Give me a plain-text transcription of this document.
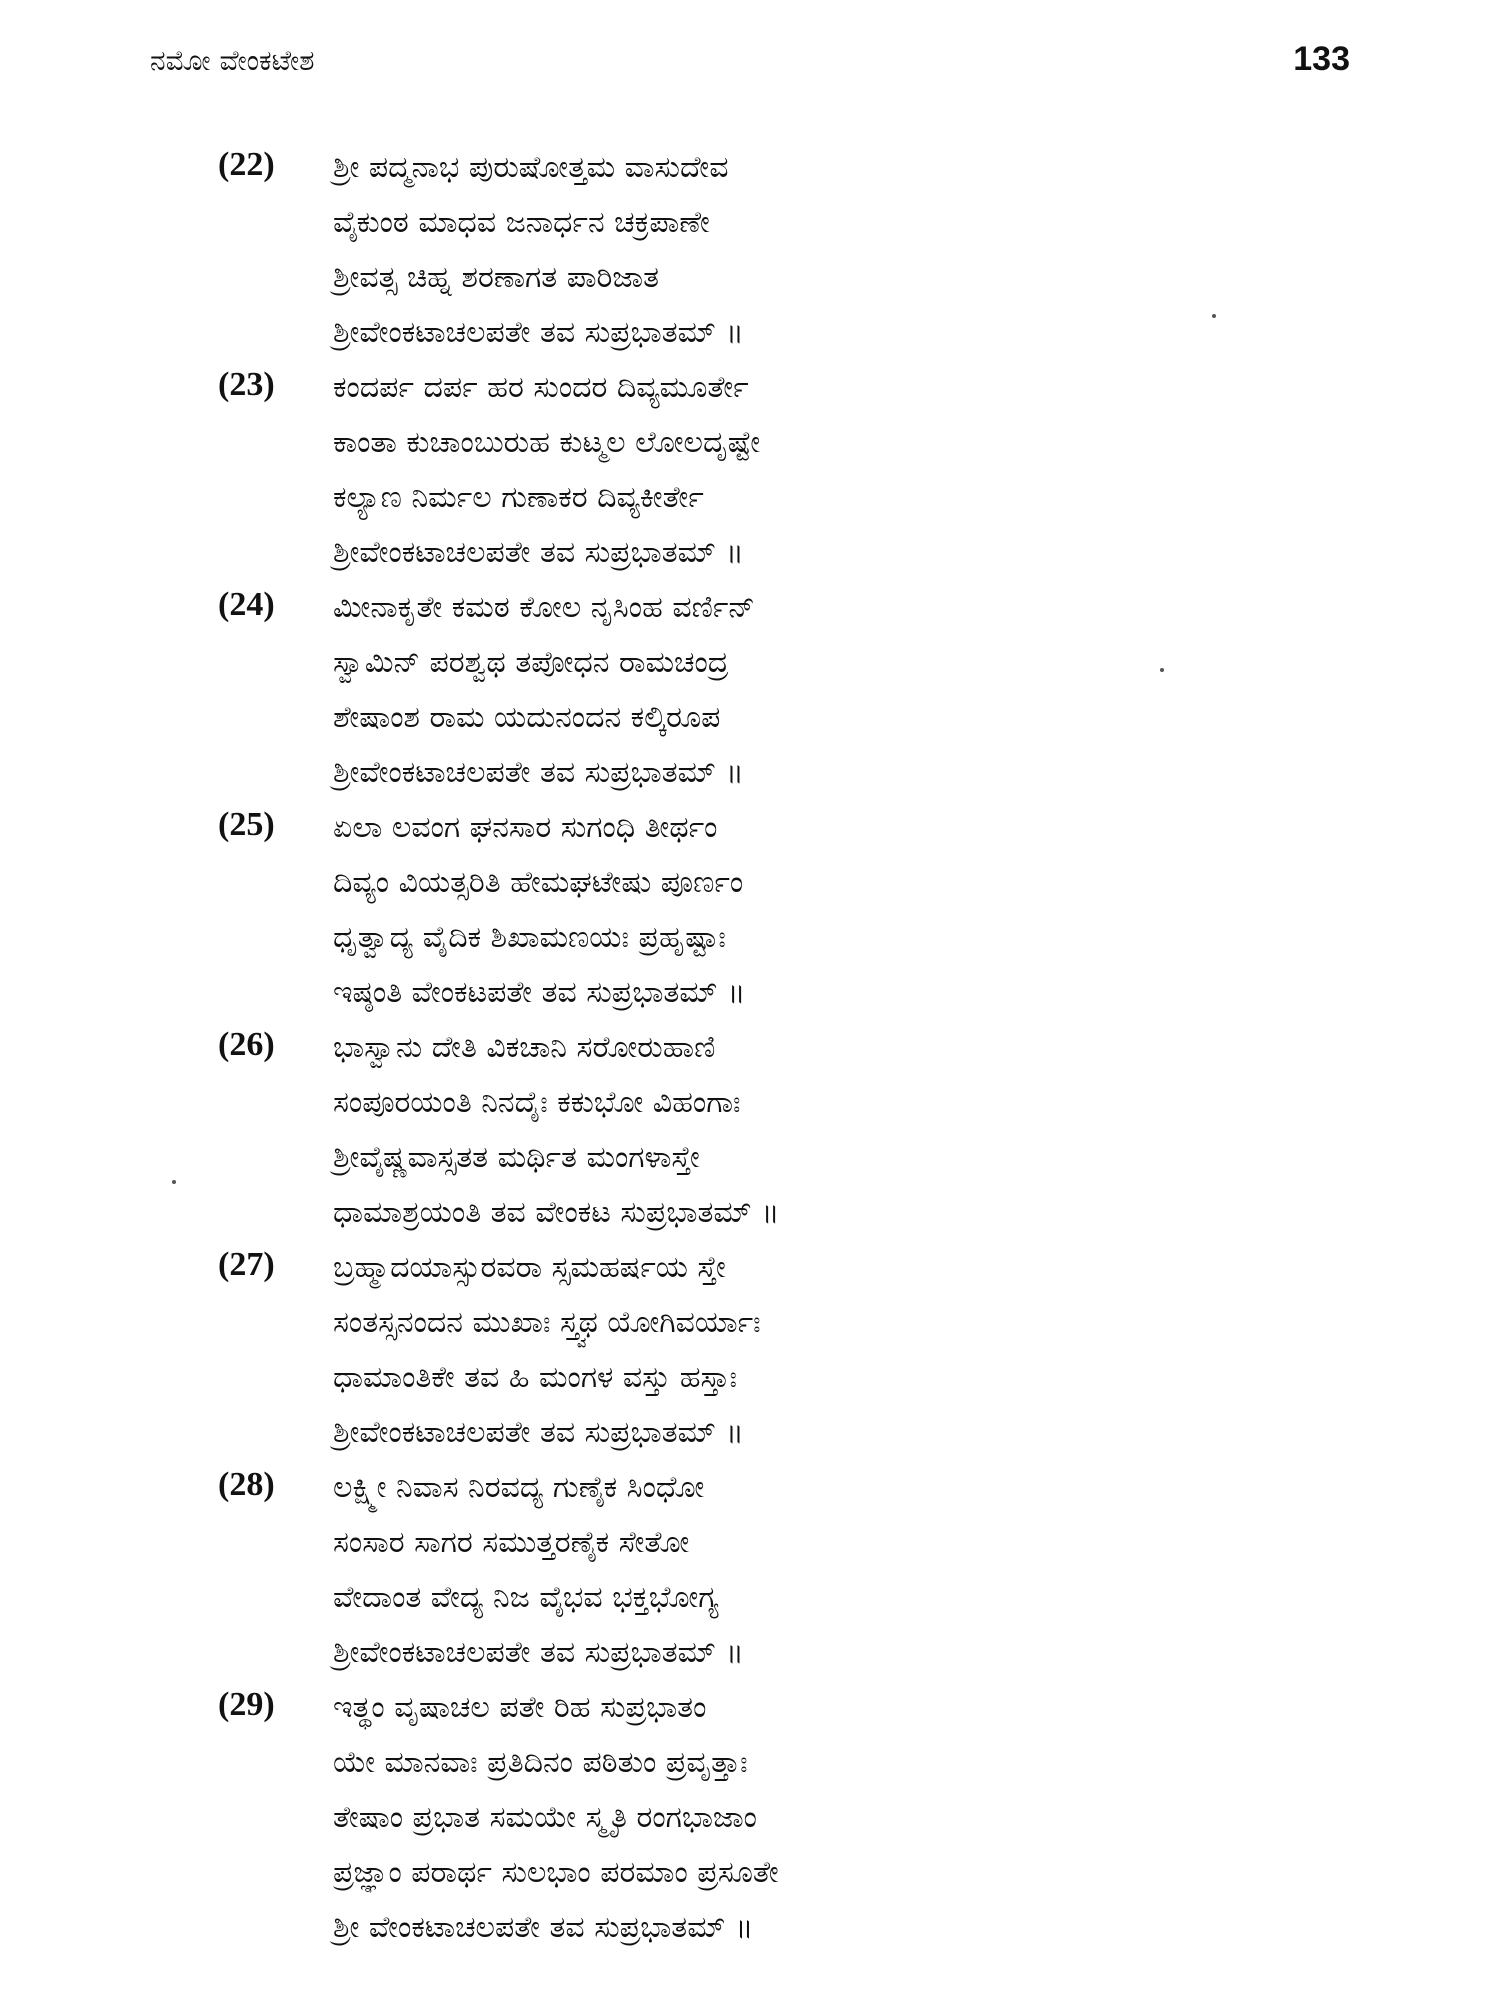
ನಮೋ ವೇಂಕಟೇಶ	133
(22) ಶ್ರೀ ಪದ್ಮನಾಭ ಪುರುಷೋತ್ತಮ ವಾಸುದೇವ
ವೈಕುಂಠ ಮಾಧವ ಜನಾರ್ಧನ ಚಕ್ರಪಾಣೇ
ಶ್ರೀವತ್ಸ ಚಿಹ್ನ ಶರಣಾಗತ ಪಾರಿಜಾತ
ಶ್ರೀವೇಂಕಟಾಚಲಪತೇ ತವ ಸುಪ್ರಭಾತಮ್ ॥
(23) ಕಂದರ್ಪ ದರ್ಪ ಹರ ಸುಂದರ ದಿವ್ಯಮೂರ್ತೇ
ಕಾಂತಾ ಕುಚಾಂಬುರುಹ ಕುಟ್ಮಲ ಲೋಲದೃಷ್ಟೇ
ಕಲ್ಯಾಣ ನಿರ್ಮಲ ಗುಣಾಕರ ದಿವ್ಯಕೀರ್ತೇ
ಶ್ರೀವೇಂಕಟಾಚಲಪತೇ ತವ ಸುಪ್ರಭಾತಮ್ ॥
(24) ಮೀನಾಕೃತೇ ಕಮಠ ಕೋಲ ನೃಸಿಂಹ ವರ್ಣಿನ್
ಸ್ವಾಮಿನ್ ಪರಶ್ವಥ ತಪೋಧನ ರಾಮಚಂದ್ರ
ಶೇಷಾಂಶ ರಾಮ ಯದುನಂದನ ಕಲ್ಕಿರೂಪ
ಶ್ರೀವೇಂಕಟಾಚಲಪತೇ ತವ ಸುಪ್ರಭಾತಮ್ ॥
(25) ಏಲಾ ಲವಂಗ ಘನಸಾರ ಸುಗಂಧಿ ತೀರ್ಥಂ
ದಿವ್ಯಂ ವಿಯತ್ಸರಿತಿ ಹೇಮಘಟೇಷು ಪೂರ್ಣಂ
ಧೃತ್ವಾದ್ಯ ವೈದಿಕ ಶಿಖಾಮಣಯಃ ಪ್ರಹೃಷ್ಟಾಃ
ಇಷ್ಠಂತಿ ವೇಂಕಟಪತೇ ತವ ಸುಪ್ರಭಾತಮ್ ॥
(26) ಭಾಸ್ವಾನು ದೇತಿ ವಿಕಚಾನಿ ಸರೋರುಹಾಣಿ
ಸಂಪೂರಯಂತಿ ನಿನದೈಃ ಕಕುಭೋ ವಿಹಂಗಾಃ
ಶ್ರೀವೈಷ್ಣವಾಸ್ಸತತ ಮರ್ಥಿತ ಮಂಗಳಾಸ್ತೇ
ಧಾಮಾಶ್ರಯಂತಿ ತವ ವೇಂಕಟ ಸುಪ್ರಭಾತಮ್ ॥
(27) ಬ್ರಹ್ಮಾದಯಾಸ್ಸುರವರಾ ಸ್ಸಮಹರ್ಷಯ ಸ್ತೇ
ಸಂತಸ್ಸನಂದನ ಮುಖಾಃ ಸ್ತ್ವಥ ಯೋಗಿವರ್ಯಾಃ
ಧಾಮಾಂತಿಕೇ ತವ ಹಿ ಮಂಗಳ ವಸ್ತು ಹಸ್ತಾಃ
ಶ್ರೀವೇಂಕಟಾಚಲಪತೇ ತವ ಸುಪ್ರಭಾತಮ್ ॥
(28) ಲಕ್ಷ್ಮೀ ನಿವಾಸ ನಿರವದ್ಯ ಗುಣೈಕ ಸಿಂಧೋ
ಸಂಸಾರ ಸಾಗರ ಸಮುತ್ತರಣೈಕ ಸೇತೋ
ವೇದಾಂತ ವೇದ್ಯ ನಿಜ ವೈಭವ ಭಕ್ತಭೋಗ್ಯ
ಶ್ರೀವೇಂಕಟಾಚಲಪತೇ ತವ ಸುಪ್ರಭಾತಮ್ ॥
(29) ಇತ್ಥಂ ವೃಷಾಚಲ ಪತೇ ರಿಹ ಸುಪ್ರಭಾತಂ
ಯೇ ಮಾನವಾಃ ಪ್ರತಿದಿನಂ ಪಠಿತುಂ ಪ್ರವೃತ್ತಾಃ
ತೇಷಾಂ ಪ್ರಭಾತ ಸಮಯೇ ಸ್ಮೃತಿ ರಂಗಭಾಜಾಂ
ಪ್ರಜ್ಞಾಂ ಪರಾರ್ಥ ಸುಲಭಾಂ ಪರಮಾಂ ಪ್ರಸೂತೇ
ಶ್ರೀ ವೇಂಕಟಾಚಲಪತೇ ತವ ಸುಪ್ರಭಾತಮ್ ॥
